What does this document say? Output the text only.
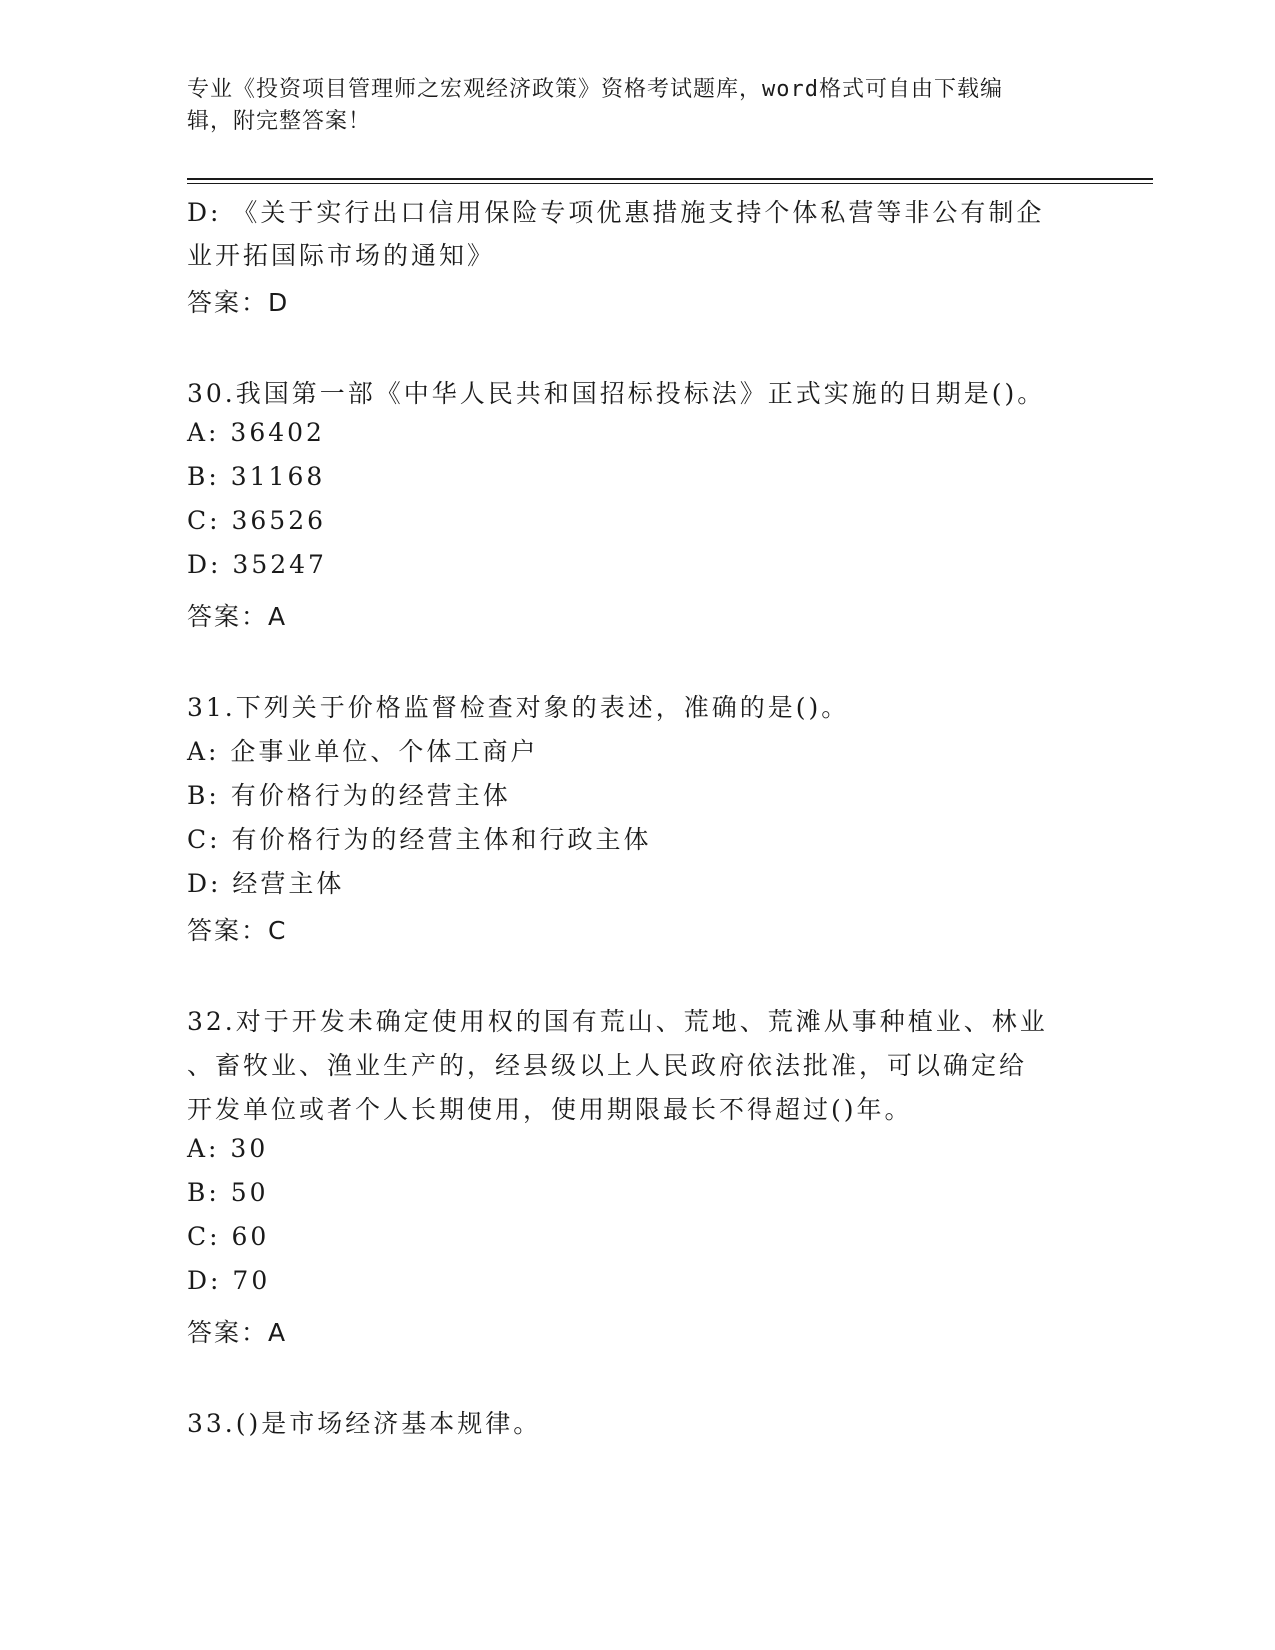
专业《投资项目管理师之宏观经济政策》资格考试题库，word格式可自由下载编
辑，附完整答案！
D: 《关于实行出口信用保险专项优惠措施支持个体私营等非公有制企
业开拓国际市场的通知》
答案：D
30.我国第一部《中华人民共和国招标投标法》正式实施的日期是()。
A: 36402
B: 31168
C: 36526
D: 35247
答案：A
31.下列关于价格监督检查对象的表述，准确的是()。
A: 企事业单位、个体工商户
B: 有价格行为的经营主体
C: 有价格行为的经营主体和行政主体
D: 经营主体
答案：C
32.对于开发未确定使用权的国有荒山、荒地、荒滩从事种植业、林业
、畜牧业、渔业生产的，经县级以上人民政府依法批准，可以确定给
开发单位或者个人长期使用，使用期限最长不得超过()年。
A: 30
B: 50
C: 60
D: 70
答案：A
33.()是市场经济基本规律。
